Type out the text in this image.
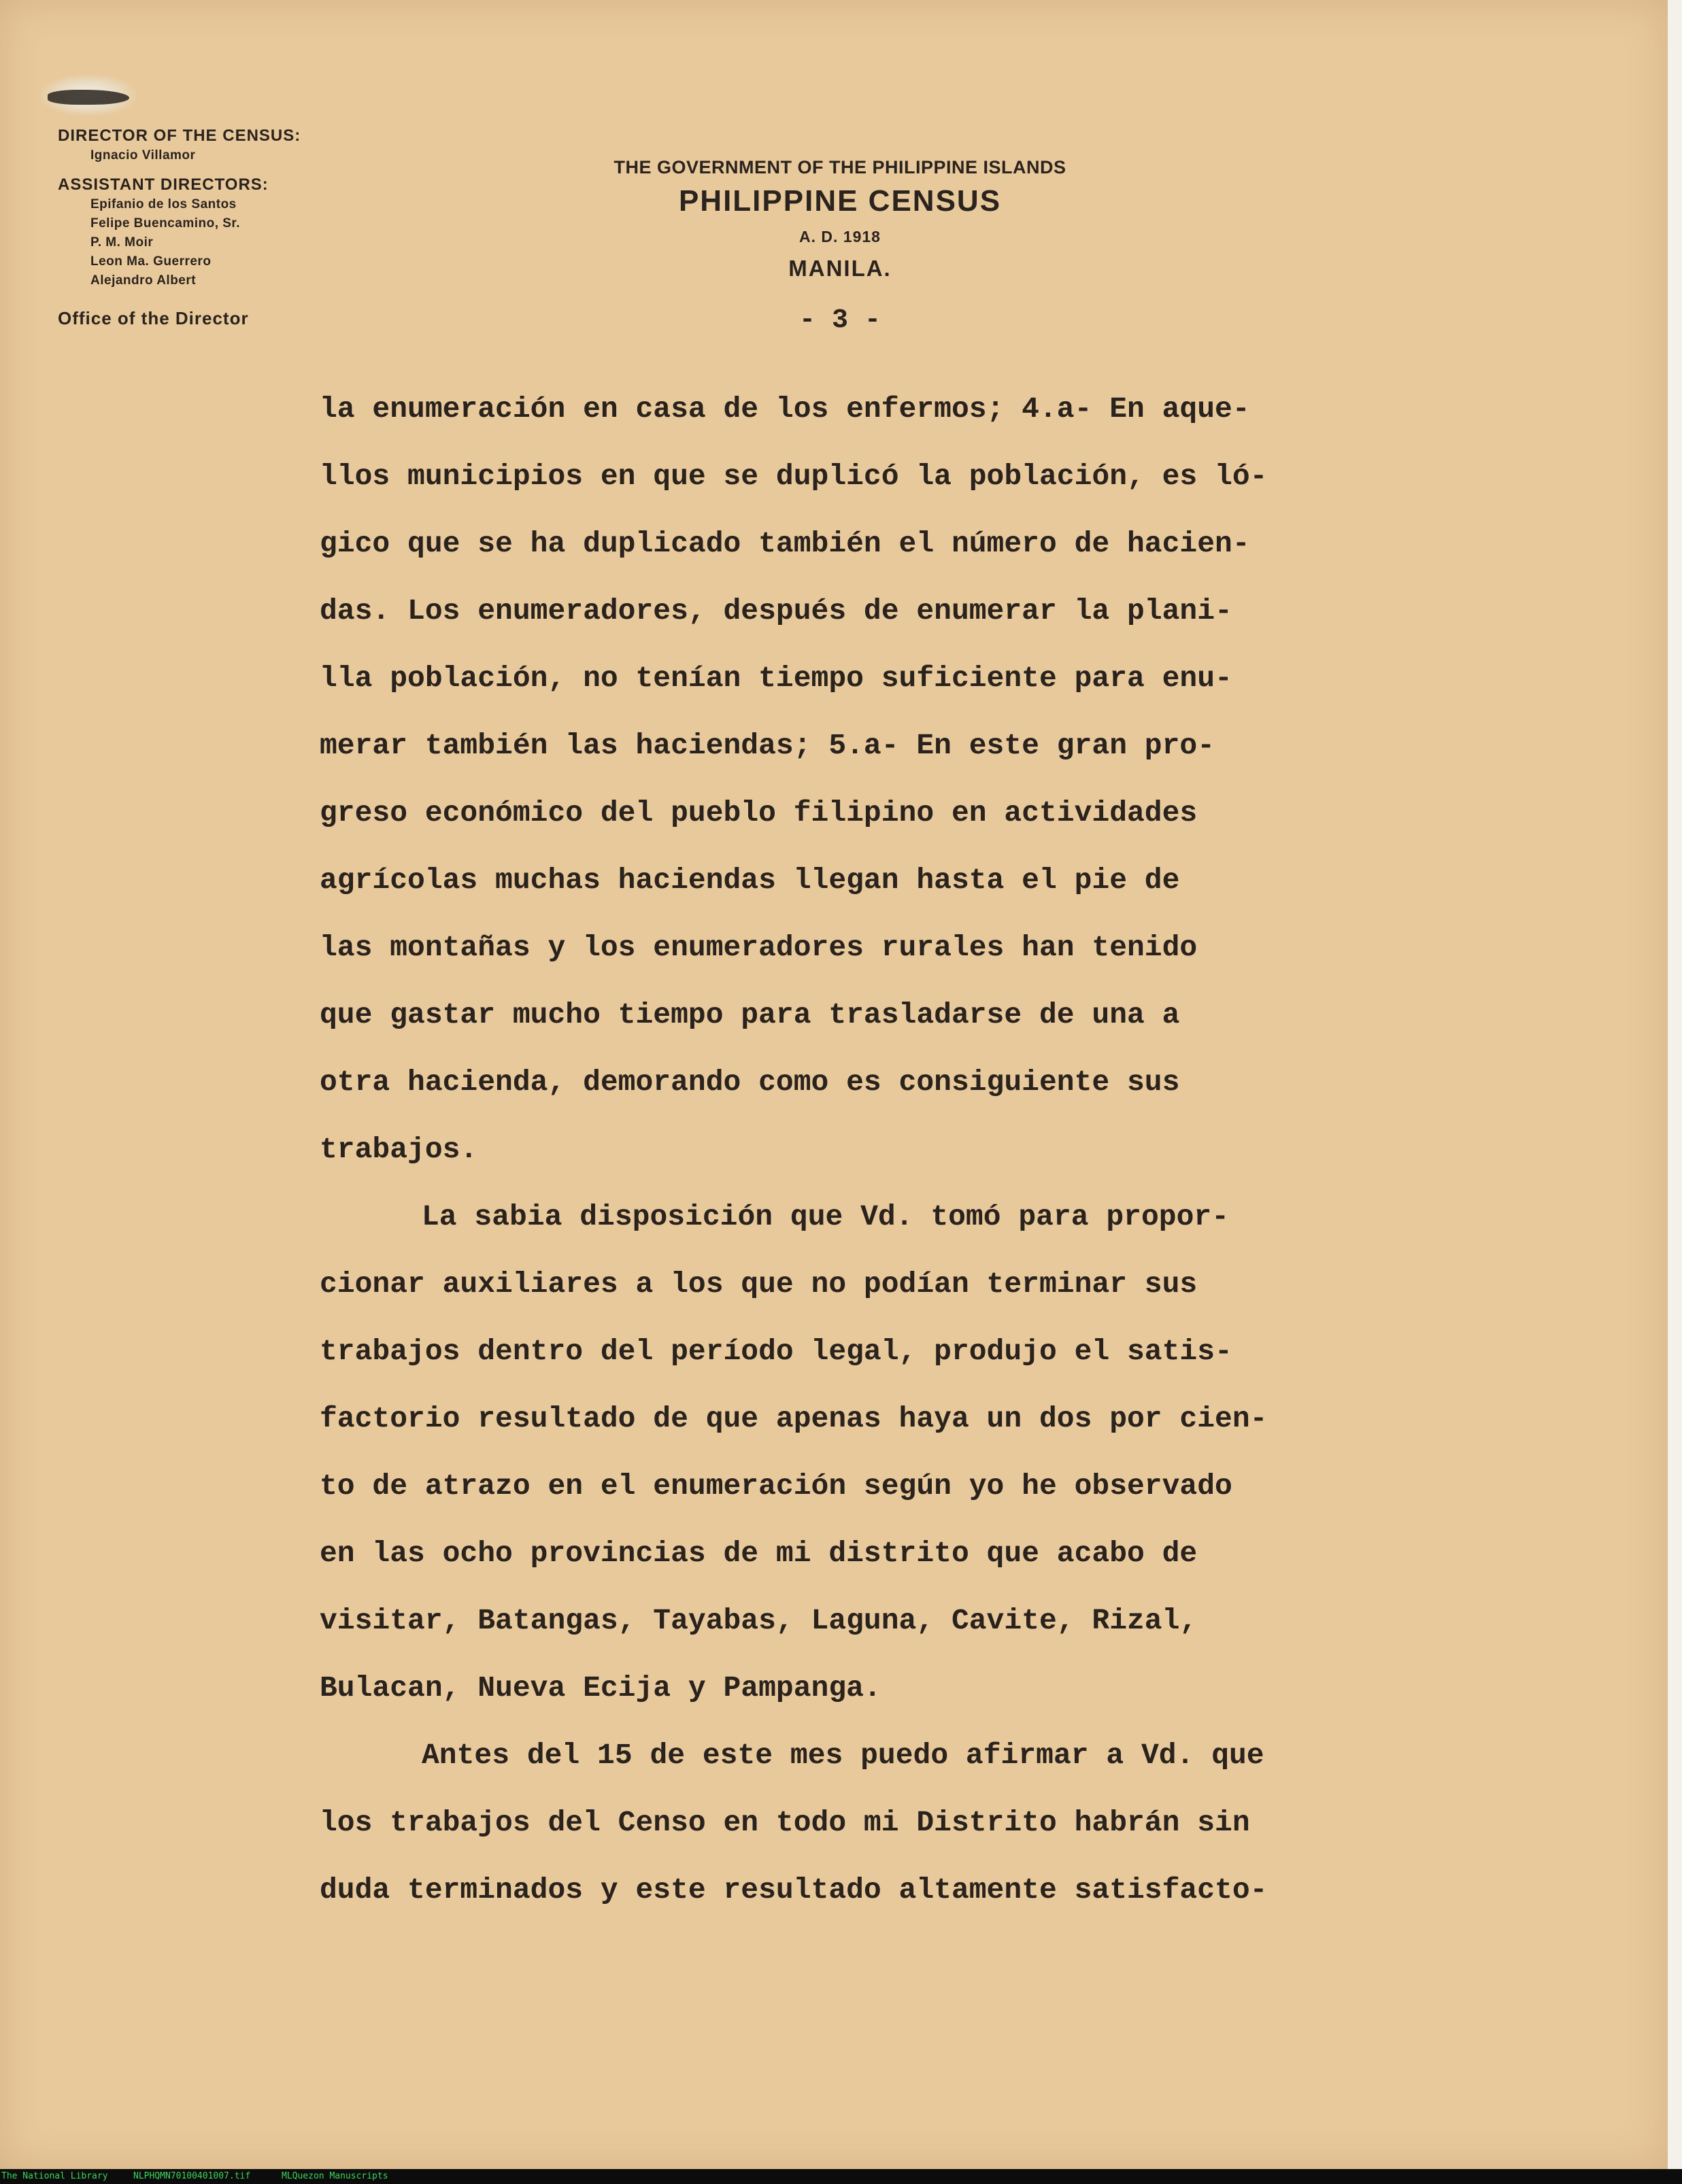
DIRECTOR OF THE CENSUS:
Ignacio Villamor
ASSISTANT DIRECTORS:
Epifanio de los Santos
Felipe Buencamino, Sr.
P. M. Moir
Leon Ma. Guerrero
Alejandro Albert
Office of the Director
THE GOVERNMENT OF THE PHILIPPINE ISLANDS
PHILIPPINE CENSUS
A. D. 1918
MANILA.
- 3 -
la enumeración en casa de los enfermos; 4.a- En aque-
llos municipios en que se duplicó la población, es ló-
gico que se ha duplicado también el número de hacien-
das. Los enumeradores, después de enumerar la plani-
lla población, no tenían tiempo suficiente para enu-
merar también las haciendas; 5.a- En este gran pro-
greso económico del pueblo filipino en actividades
agrícolas muchas haciendas llegan hasta el pie de
las montañas y los enumeradores rurales han tenido
que gastar mucho tiempo para trasladarse de una a
otra hacienda, demorando como es consiguiente sus
trabajos.
La sabia disposición que Vd. tomó para propor-
cionar auxiliares a los que no podían terminar sus
trabajos dentro del período legal, produjo el satis-
factorio resultado de que apenas haya un dos por cien-
to de atrazo en el enumeración según yo he observado
en las ocho provincias de mi distrito que acabo de
visitar, Batangas, Tayabas, Laguna, Cavite, Rizal,
Bulacan, Nueva Ecija y Pampanga.
Antes del 15 de este mes puedo afirmar a Vd. que
los trabajos del Censo en todo mi Distrito habrán sin
duda terminados y este resultado altamente satisfacto-
The National Library	NLPHQMN70100401007.tif	MLQuezon Manuscripts
